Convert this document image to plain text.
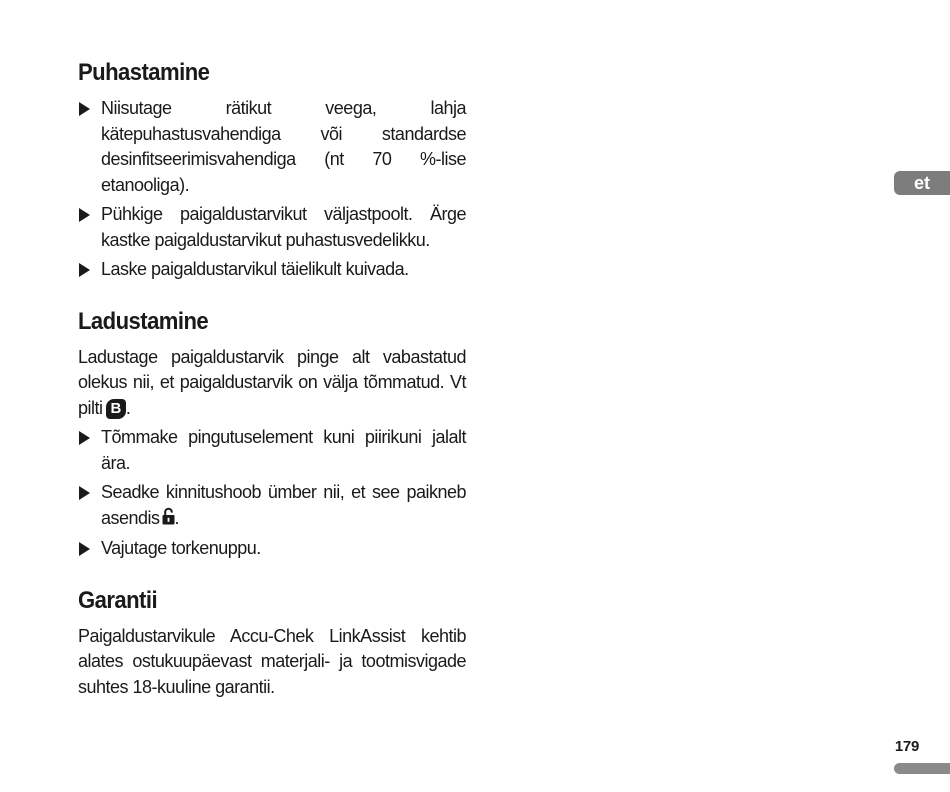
Puhastamine
Niisutage rätikut veega, lahja kätepuhastusvahendiga või standardse desinfitseerimisvahendiga (nt 70 %-lise etanooliga).
Pühkige paigaldustarvikut väljastpoolt. Ärge kastke paigaldustarvikut puhastusvedelikku.
Laske paigaldustarvikul täielikult kuivada.
Ladustamine

Ladustage paigaldustarvik pinge alt vabastatud olekus nii, et paigaldustarvik on välja tõmmatud. Vt pilti B .

Tõmmake pingutuselement kuni piirikuni jalalt ära.
Seadke kinnitushoob ümber nii, et see paikneb asendis .
Vajutage torkenuppu.
Garantii

Paigaldustarvikule Accu-Chek LinkAssist kehtib alates ostukuupäevast materjali- ja tootmisvigade suhtes 18-kuuline garantii.

et
179
